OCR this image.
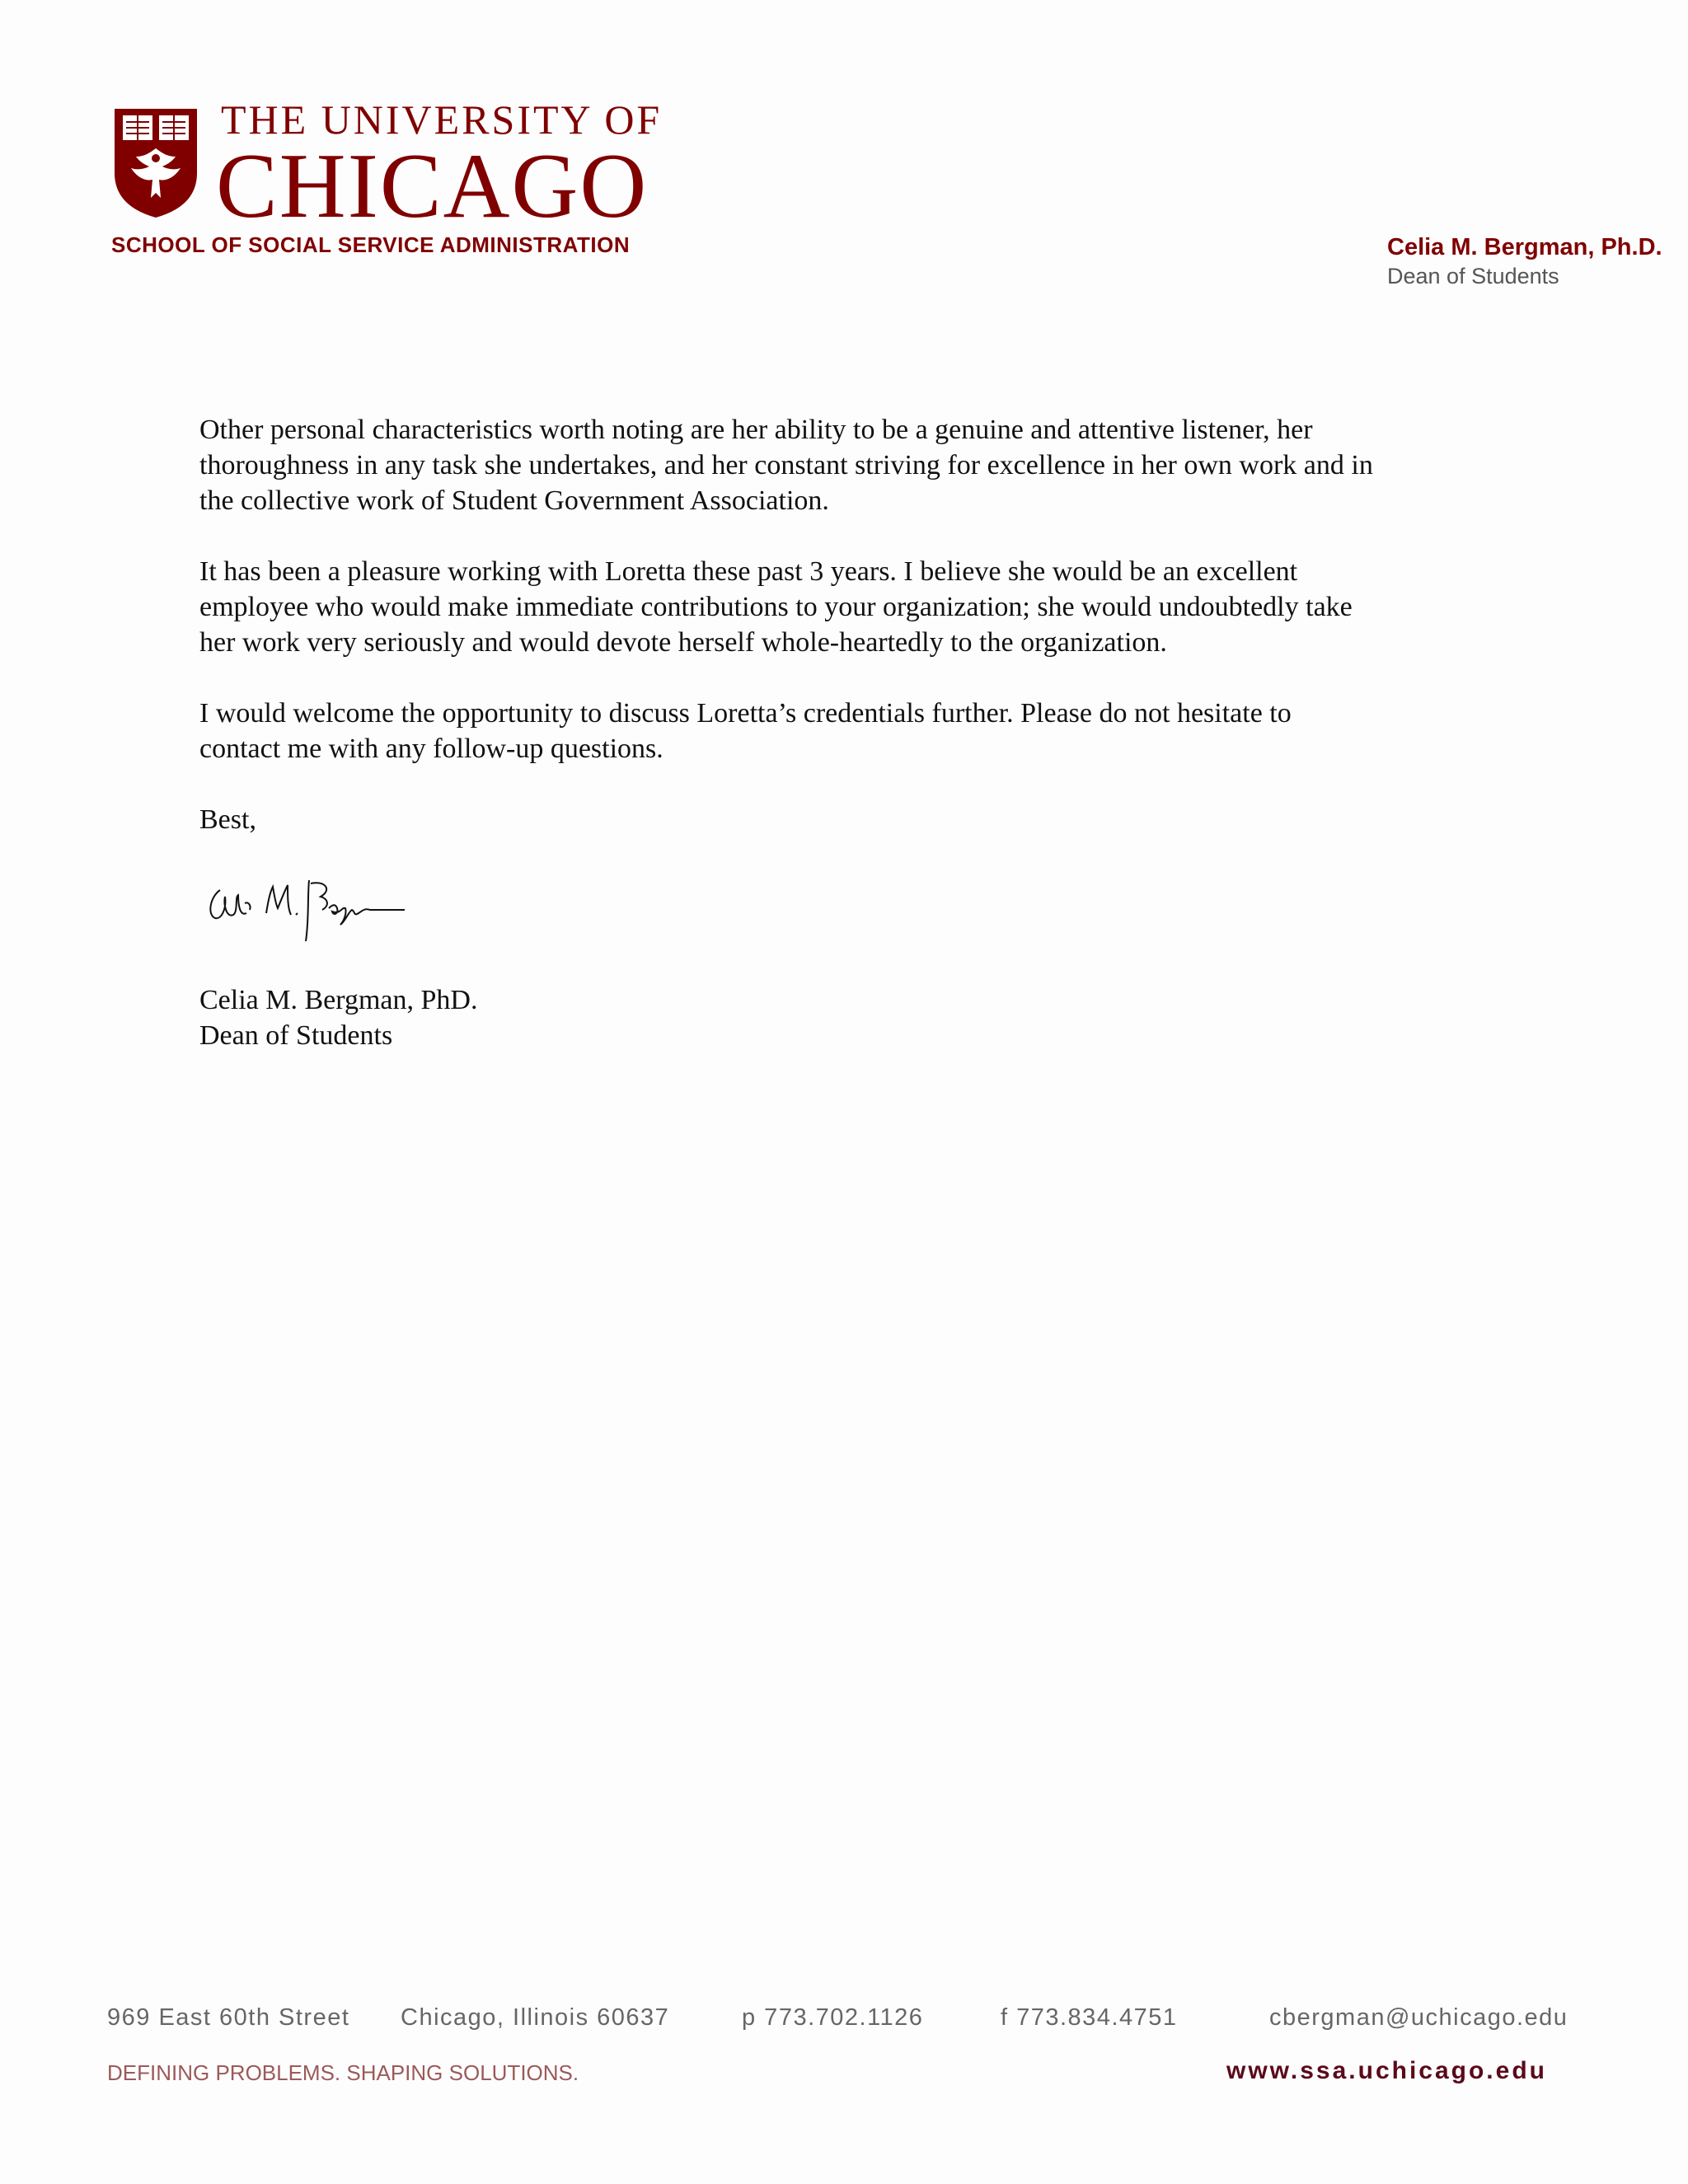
THE UNIVERSITY OF
CHICAGO
SCHOOL OF SOCIAL SERVICE ADMINISTRATION	Celia M. Bergman, Ph.D.
Dean of Students

Other personal characteristics worth noting are her ability to be a genuine and attentive listener, her
thoroughness in any task she undertakes, and her constant striving for excellence in her own work and in
the collective work of Student Government Association.

It has been a pleasure working with Loretta these past 3 years. I believe she would be an excellent
employee who would make immediate contributions to your organization; she would undoubtedly take
her work very seriously and would devote herself whole-heartedly to the organization.

I would welcome the opportunity to discuss Loretta’s credentials further. Please do not hesitate to
contact me with any follow-up questions.

Best,

Celia M. Bergman, PhD.
Dean of Students
969 East 60th Street Chicago, Illinois 60637	p 773.702.1126	f 773.834.4751	cbergman@uchicago.edu
DEFINING PROBLEMS. SHAPING SOLUTIONS.	www.ssa.uchicago.edu
